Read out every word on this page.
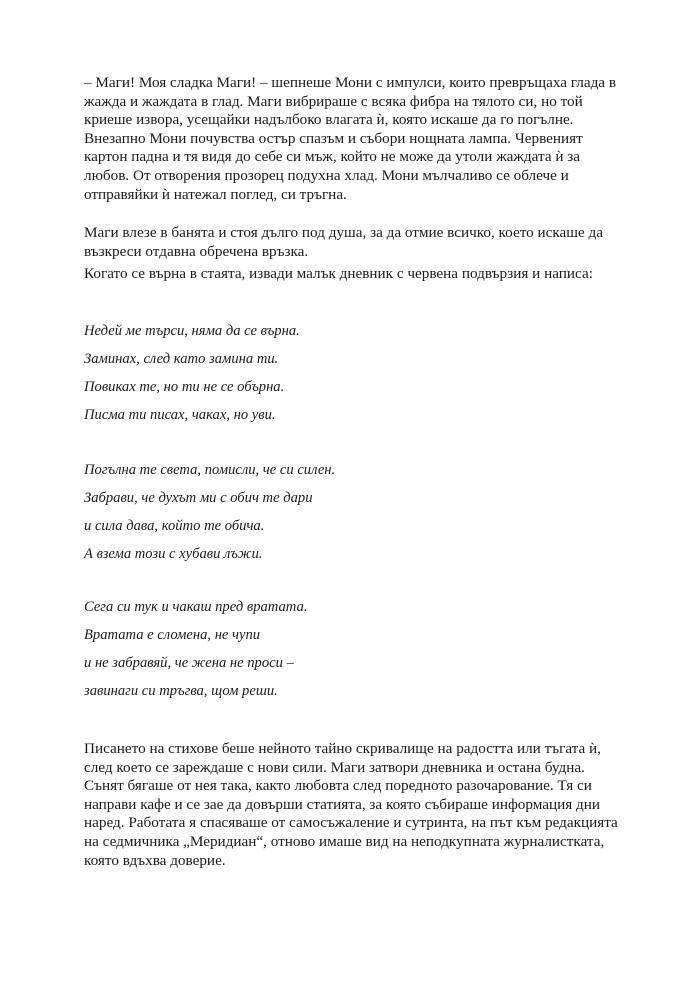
– Маги! Моя сладка Маги! – шепнеше Мони с импулси, които превръщаха глада в жажда и жаждата в глад. Маги вибрираше с всяка фибра на тялото си, но той криеше извора, усещайки надълбоко влагата ѝ, която искаше да го погълне. Внезапно Мони почувства остър спазъм и събори нощната лампа. Червеният картон падна и тя видя до себе си мъж, който не може да утоли жаждата ѝ за любов. От отворения прозорец подухна хлад. Мони мълчаливо се облече и отправяйки ѝ натежал поглед, си тръгна.

Маги влезе в банята и стоя дълго под душа, за да отмие всичко, което искаше да възкреси отдавна обречена връзка.

Когато се върна в стаята, извади малък дневник с червена подвързия и написа:

Недей ме търси, няма да се върна.

Заминах, след като замина ти.

Повиках те, но ти не се обърна.

Писма ти писах, чаках, но уви.

Погълна те света, помисли, че си силен.

Забрави, че духът ми с обич те дари

и сила дава, който те обича.

А взема този с хубави лъжи.

Сега си тук и чакаш пред вратата.

Вратата е сломена, не чупи

и не забравяй, че жена не проси –

завинаги си тръгва, щом реши.

Писането на стихове беше нейното тайно скривалище на радостта или тъгата ѝ, след което се зареждаше с нови сили. Маги затвори дневника и остана будна. Сънят бягаше от нея така, както любовта след поредното разочарование. Тя си направи кафе и се зае да довърши статията, за която събираше информация дни наред. Работата я спасяваше от самосъжаление и сутринта, на път към редакцията на седмичника „Меридиан“, отново имаше вид на неподкупната журналистката, която вдъхва доверие.
